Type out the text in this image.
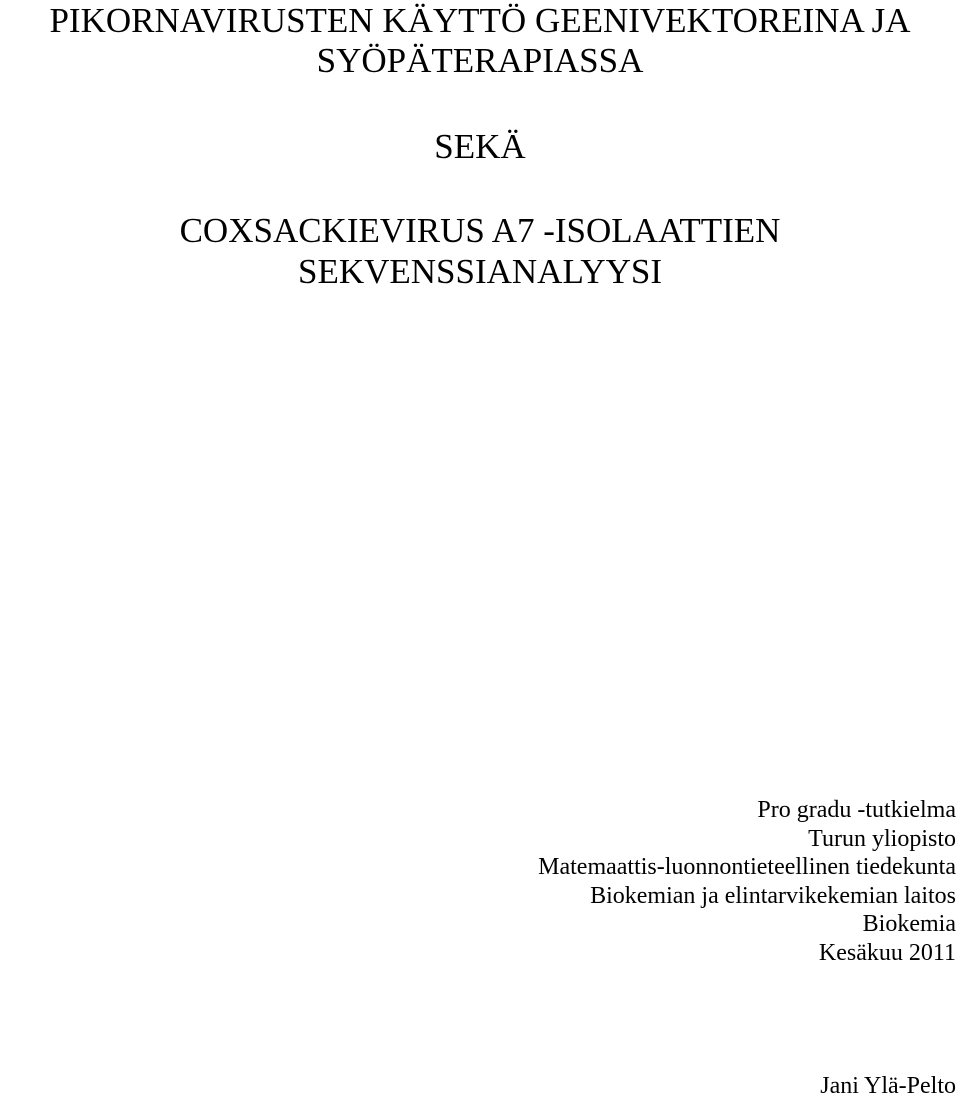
PIKORNAVIRUSTEN KÄYTTÖ GEENIVEKTOREINA JA
SYÖPÄTERAPIASSA
SEKÄ
COXSACKIEVIRUS A7 -ISOLAATTIEN
SEKVENSSIANALYYSI
Pro gradu -tutkielma
Turun yliopisto
Matemaattis-luonnontieteellinen tiedekunta
Biokemian ja elintarvikekemian laitos
Biokemia
Kesäkuu 2011
Jani Ylä-Pelto
